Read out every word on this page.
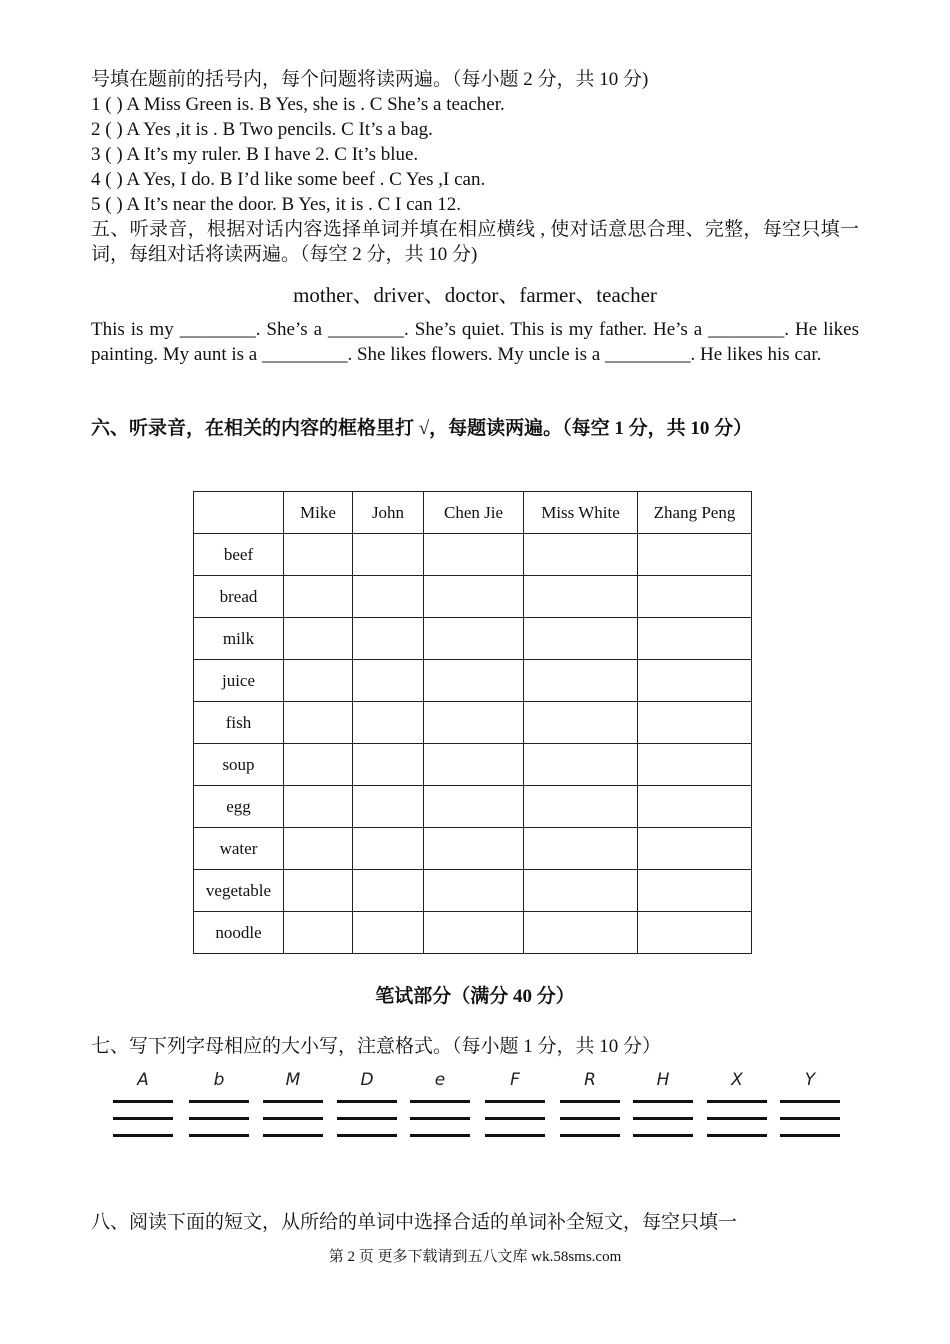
号填在题前的括号内，每个问题将读两遍。（每小题 2 分，共 10 分)
1 ( ) A Miss Green is. B Yes, she is . C She’s a teacher.
2 ( ) A Yes ,it is . B Two pencils. C It’s a bag.
3 ( ) A It’s my ruler. B I have 2. C It’s blue.
4 ( ) A Yes, I do. B I’d like some beef . C Yes ,I can.
5 ( ) A It’s near the door. B Yes, it is . C I can 12.
五、听录音，根据对话内容选择单词并填在相应横线 , 使对话意思合理、完整，每空只填一词，每组对话将读两遍。（每空 2 分，共 10 分)
mother、driver、doctor、farmer、teacher
This is my ________. She’s a ________. She’s quiet. This is my father. He’s a ________. He likes painting. My aunt is a _________. She likes flowers. My uncle is a _________. He likes his car.
六、听录音，在相关的内容的框格里打 √，每题读两遍。（每空 1 分，共 10 分）
	Mike	John	Chen Jie	Miss White	Zhang Peng
beef					
bread					
milk					
juice					
fish					
soup					
egg					
water					
vegetable					
noodle					
笔试部分（满分 40 分）
七、写下列字母相应的大小写，注意格式。（每小题 1 分，共 10 分）
A	b	M	D	e	F	R	H	X	Y
八、阅读下面的短文，从所给的单词中选择合适的单词补全短文，每空只填一
第 2 页 更多下载请到五八文库 wk.58sms.com
